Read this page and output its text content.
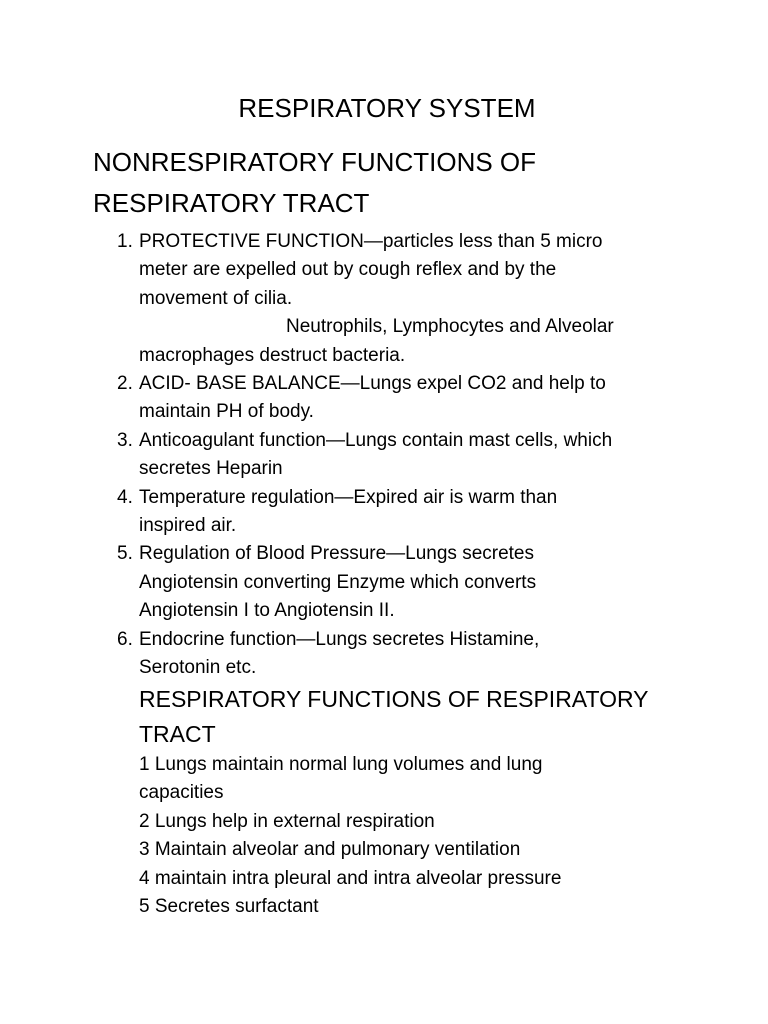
RESPIRATORY SYSTEM
NONRESPIRATORY FUNCTIONS OF
RESPIRATORY TRACT
1. PROTECTIVE FUNCTION—particles less than 5 micro
meter are expelled out by cough reflex and by the
movement of cilia.
Neutrophils, Lymphocytes and Alveolar
macrophages destruct bacteria.
2. ACID- BASE BALANCE—Lungs expel CO2 and help to
maintain PH of body.
3. Anticoagulant function—Lungs contain mast cells, which
secretes Heparin
4. Temperature regulation—Expired air is warm than
inspired air.
5. Regulation of Blood Pressure—Lungs secretes
Angiotensin converting Enzyme which converts
Angiotensin I to Angiotensin II.
6. Endocrine function—Lungs secretes Histamine,
Serotonin etc.
RESPIRATORY FUNCTIONS OF RESPIRATORY
TRACT
1 Lungs maintain normal lung volumes and lung
capacities
2 Lungs help in external respiration
3 Maintain alveolar and pulmonary ventilation
4 maintain intra pleural and intra alveolar pressure
5 Secretes surfactant
